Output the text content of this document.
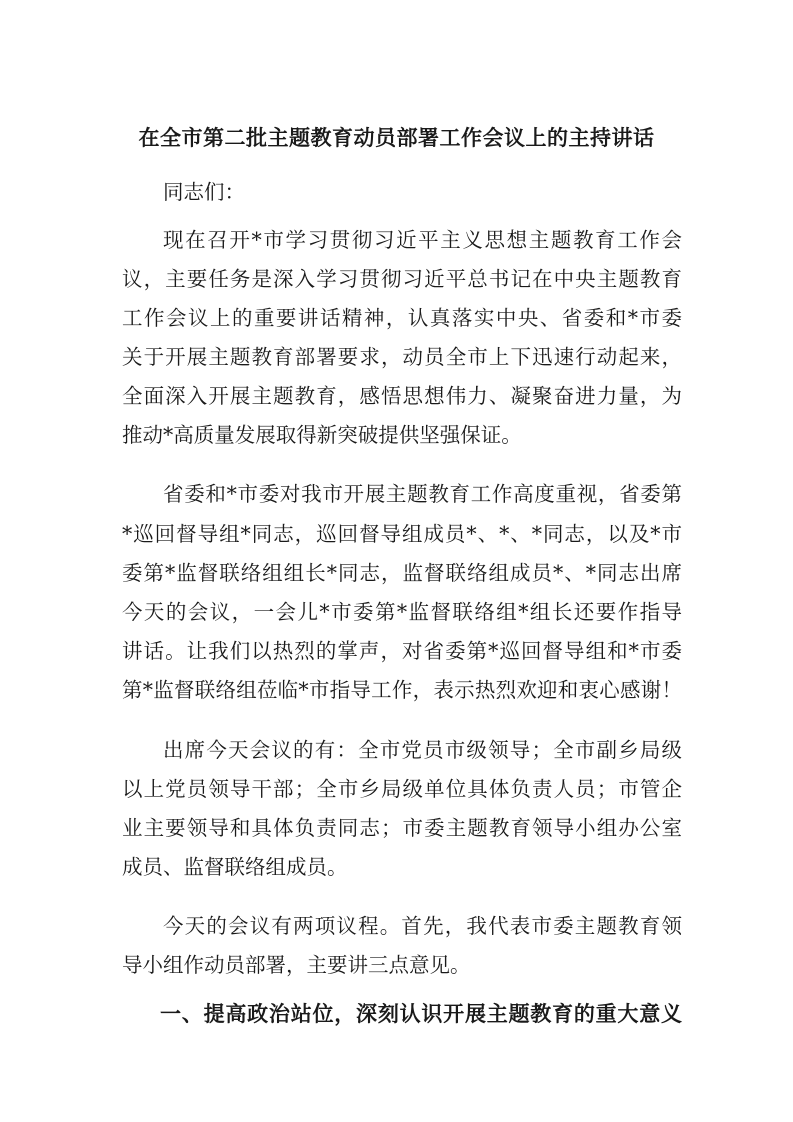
在全市第二批主题教育动员部署工作会议上的主持讲话

同志们：

现在召开*市学习贯彻习近平主义思想主题教育工作会

议，主要任务是深入学习贯彻习近平总书记在中央主题教育

工作会议上的重要讲话精神，认真落实中央、省委和*市委

关于开展主题教育部署要求，动员全市上下迅速行动起来，

全面深入开展主题教育，感悟思想伟力、凝聚奋进力量，为

推动*高质量发展取得新突破提供坚强保证。

省委和*市委对我市开展主题教育工作高度重视，省委第

*巡回督导组*同志，巡回督导组成员*、*、*同志，以及*市

委第*监督联络组组长*同志，监督联络组成员*、*同志出席

今天的会议，一会儿*市委第*监督联络组*组长还要作指导

讲话。让我们以热烈的掌声，对省委第*巡回督导组和*市委

第*监督联络组莅临*市指导工作，表示热烈欢迎和衷心感谢！

出席今天会议的有：全市党员市级领导；全市副乡局级

以上党员领导干部；全市乡局级单位具体负责人员；市管企

业主要领导和具体负责同志；市委主题教育领导小组办公室

成员、监督联络组成员。

今天的会议有两项议程。首先，我代表市委主题教育领

导小组作动员部署，主要讲三点意见。

一、提高政治站位，深刻认识开展主题教育的重大意义
